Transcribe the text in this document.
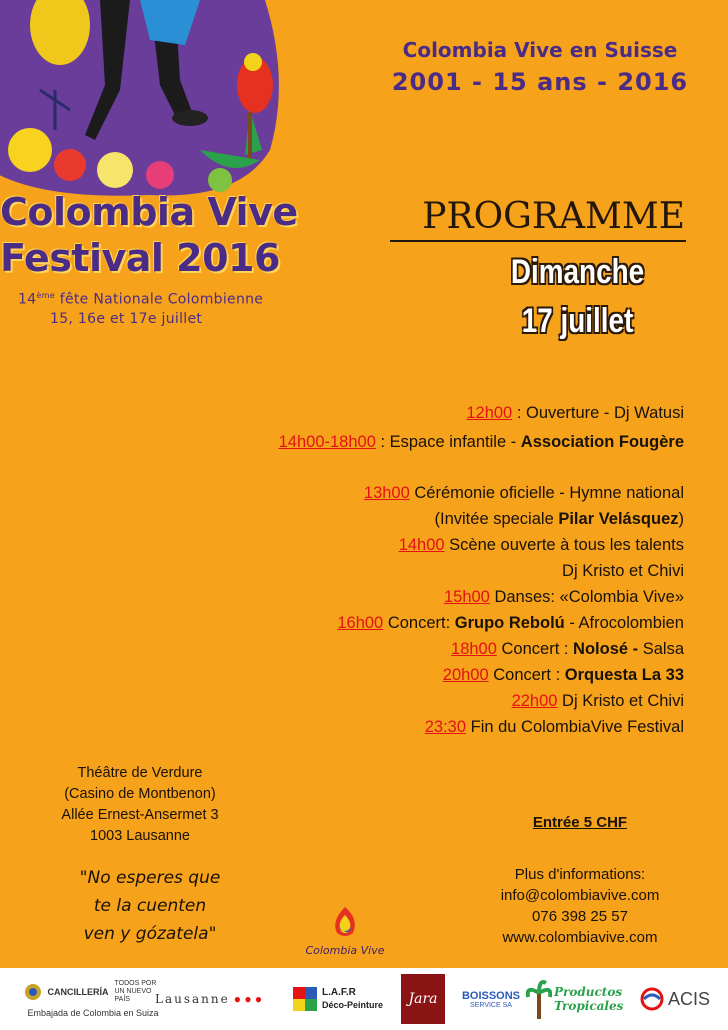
Colombia Vive
Festival 2016
14ème fête Nationale Colombienne
15, 16e et 17e juillet
Colombia Vive en Suisse
2001 - 15 ans - 2016
PROGRAMME
Dimanche
17 juillet
12h00 : Ouverture - Dj Watusi
14h00-18h00 : Espace infantile - Association Fougère
13h00 Cérémonie oficielle - Hymne national
(Invitée speciale Pilar Velásquez)
14h00 Scène ouverte à tous les talents
Dj Kristo et Chivi
15h00 Danses: «Colombia Vive»
16h00 Concert: Grupo Rebolú - Afrocolombien
18h00 Concert : Nolosé - Salsa
20h00 Concert : Orquesta La 33
22h00 Dj Kristo et Chivi
23:30 Fin du ColombiaVive Festival
Théâtre de Verdure
(Casino de Montbenon)
Allée Ernest-Ansermet 3
1003 Lausanne
"No esperes que
te la cuenten
ven y gózatela"
Entrée 5 CHF
Plus d'informations:
info@colombiavive.com
076 398 25 57
www.colombiavive.com
Colombia Vive
CANCILLERÍA
TODOS POR UN NUEVO PAÍS
Embajada de Colombia en Suiza
Lausanne ● ● ●	L.A.F.R
Déco-Peinture Jara BOISSONS
SERVICE SA
Productos
Tropicales ACIS
